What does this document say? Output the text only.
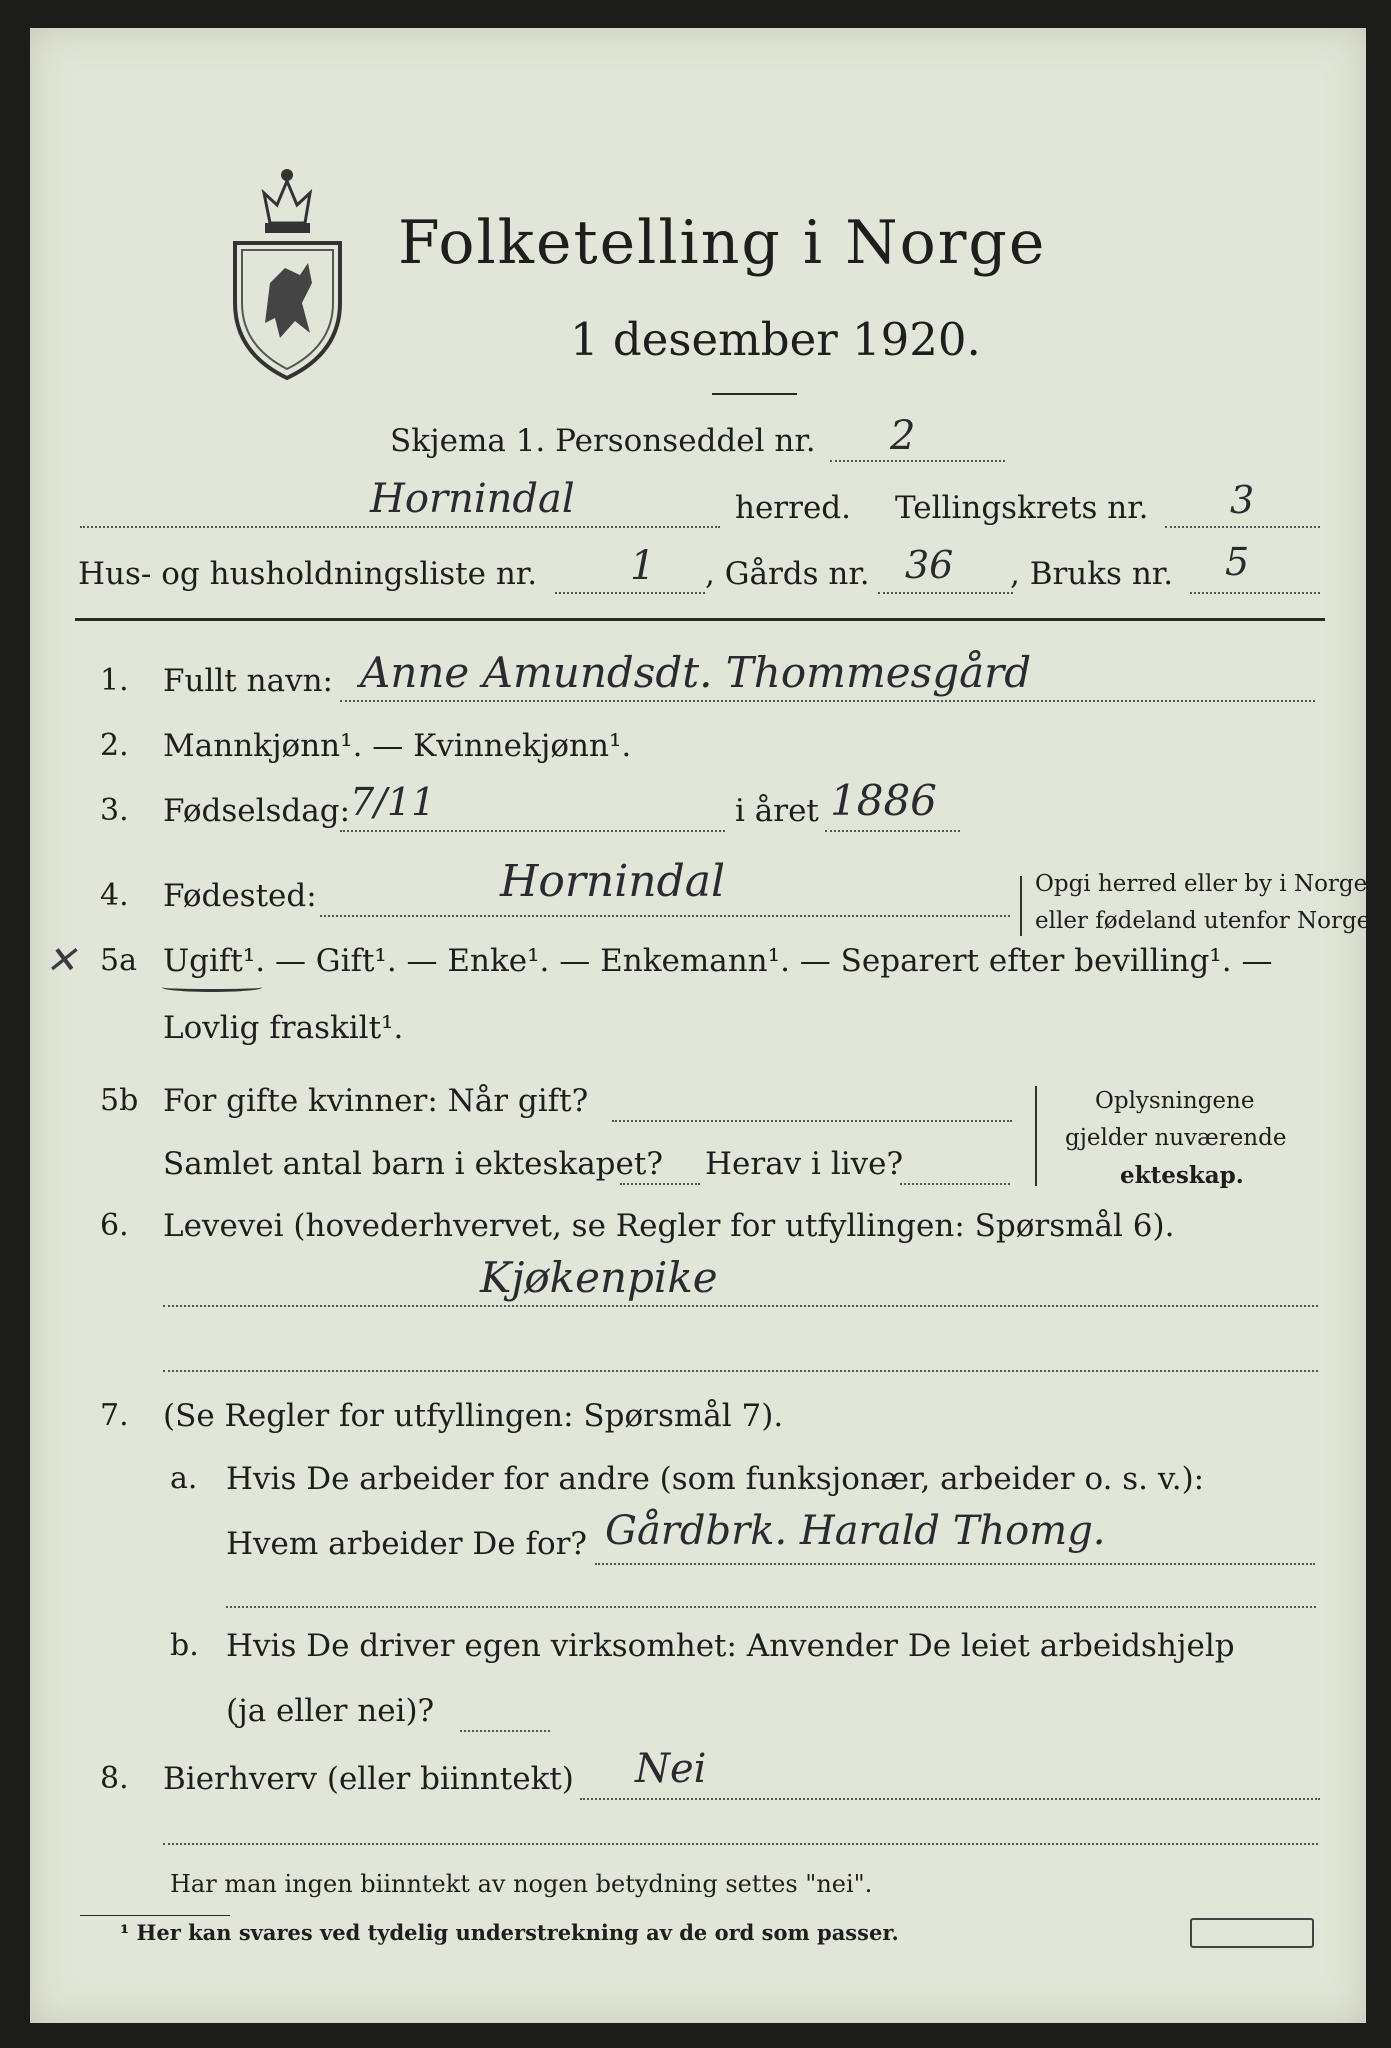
Folketelling i Norge
1 desember 1920.
Skjema 1. Personseddel nr. 2
Hornindal	herred. Tellingskrets nr. 3
Hus- og husholdningsliste nr. 1 , Gårds nr. 36 , Bruks nr. 5
1. Fullt navn: Anne Amundsdt. Thommesgård
2. Mannkjønn¹. — Kvinnekjønn¹.
3. Fødselsdag: 7/11	i året 1886
4. Fødested:	Hornindal	Opgi herred eller by i Norge
eller fødeland utenfor Norge.
✕ 5a Ugift¹. — Gift¹. — Enke¹. — Enkemann¹. — Separert efter bevilling¹. —
Lovlig fraskilt¹.
5b For gifte kvinner: Når gift?
Samlet antal barn i ekteskapet? Herav i live?
Oplysningene
gjelder nuværende
ekteskap.
6. Levevei (hovederhvervet, se Regler for utfyllingen: Spørsmål 6).
Kjøkenpike
7. (Se Regler for utfyllingen: Spørsmål 7).
a. Hvis De arbeider for andre (som funksjonær, arbeider o. s. v.):
Hvem arbeider De for? Gårdbrk. Harald Thomg.
b. Hvis De driver egen virksomhet: Anvender De leiet arbeidshjelp
(ja eller nei)?
8. Bierhverv (eller biinntekt) Nei
Har man ingen biinntekt av nogen betydning settes "nei".
¹ Her kan svares ved tydelig understrekning av de ord som passer.
